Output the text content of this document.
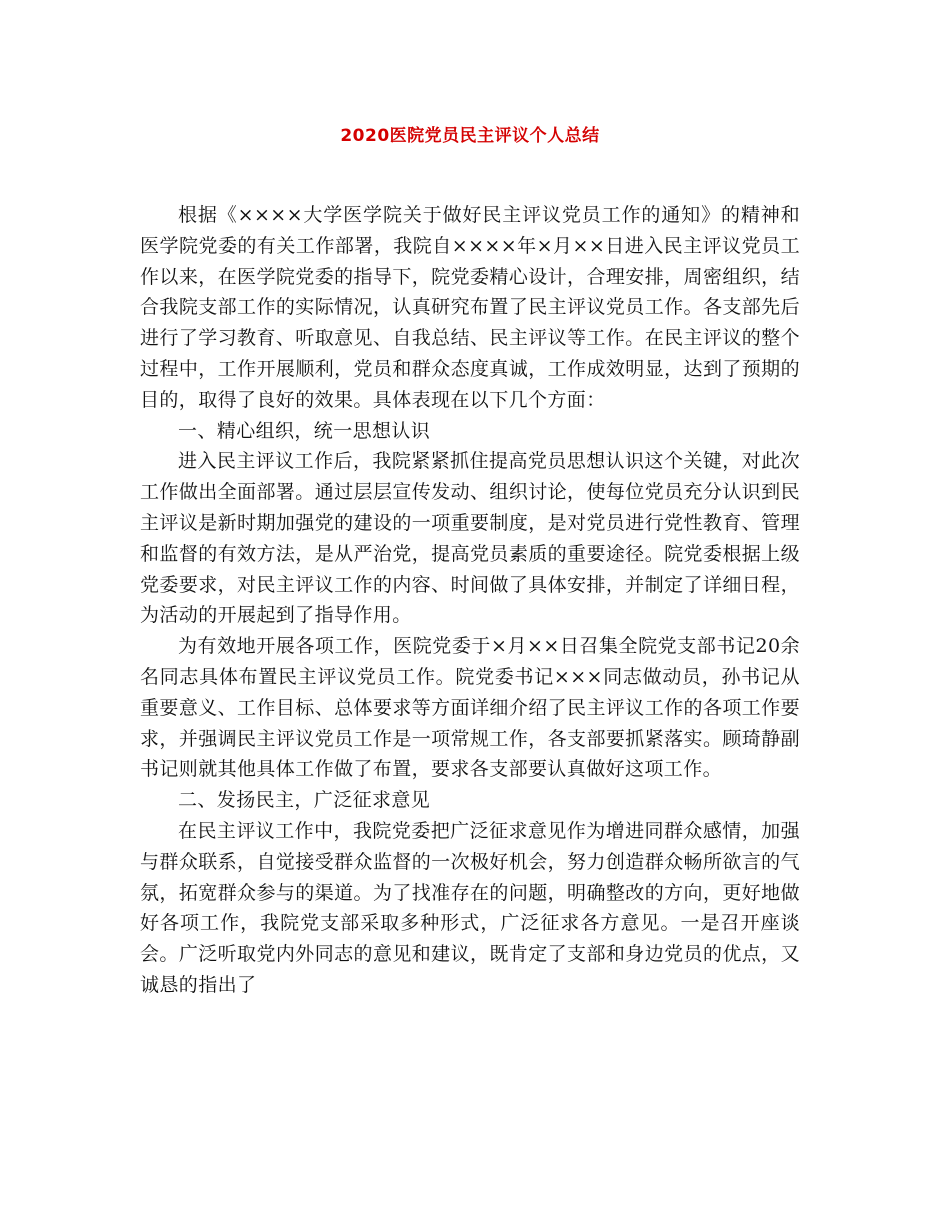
2020医院党员民主评议个人总结

根据《××××大学医学院关于做好民主评议党员工作的通知》的精神和医学院党委的有关工作部署，我院自××××年×月××日进入民主评议党员工作以来，在医学院党委的指导下，院党委精心设计，合理安排，周密组织，结合我院支部工作的实际情况，认真研究布置了民主评议党员工作。各支部先后进行了学习教育、听取意见、自我总结、民主评议等工作。在民主评议的整个过程中，工作开展顺利，党员和群众态度真诚，工作成效明显，达到了预期的目的，取得了良好的效果。具体表现在以下几个方面：

一、精心组织，统一思想认识

进入民主评议工作后，我院紧紧抓住提高党员思想认识这个关键，对此次工作做出全面部署。通过层层宣传发动、组织讨论，使每位党员充分认识到民主评议是新时期加强党的建设的一项重要制度，是对党员进行党性教育、管理和监督的有效方法，是从严治党，提高党员素质的重要途径。院党委根据上级党委要求，对民主评议工作的内容、时间做了具体安排，并制定了详细日程，为活动的开展起到了指导作用。

为有效地开展各项工作，医院党委于×月××日召集全院党支部书记20余名同志具体布置民主评议党员工作。院党委书记×××同志做动员，孙书记从重要意义、工作目标、总体要求等方面详细介绍了民主评议工作的各项工作要求，并强调民主评议党员工作是一项常规工作，各支部要抓紧落实。顾琦静副书记则就其他具体工作做了布置，要求各支部要认真做好这项工作。

二、发扬民主，广泛征求意见

在民主评议工作中，我院党委把广泛征求意见作为增进同群众感情，加强与群众联系，自觉接受群众监督的一次极好机会，努力创造群众畅所欲言的气氛，拓宽群众参与的渠道。为了找准存在的问题，明确整改的方向，更好地做好各项工作，我院党支部采取多种形式，广泛征求各方意见。一是召开座谈会。广泛听取党内外同志的意见和建议，既肯定了支部和身边党员的优点，又诚恳的指出了
